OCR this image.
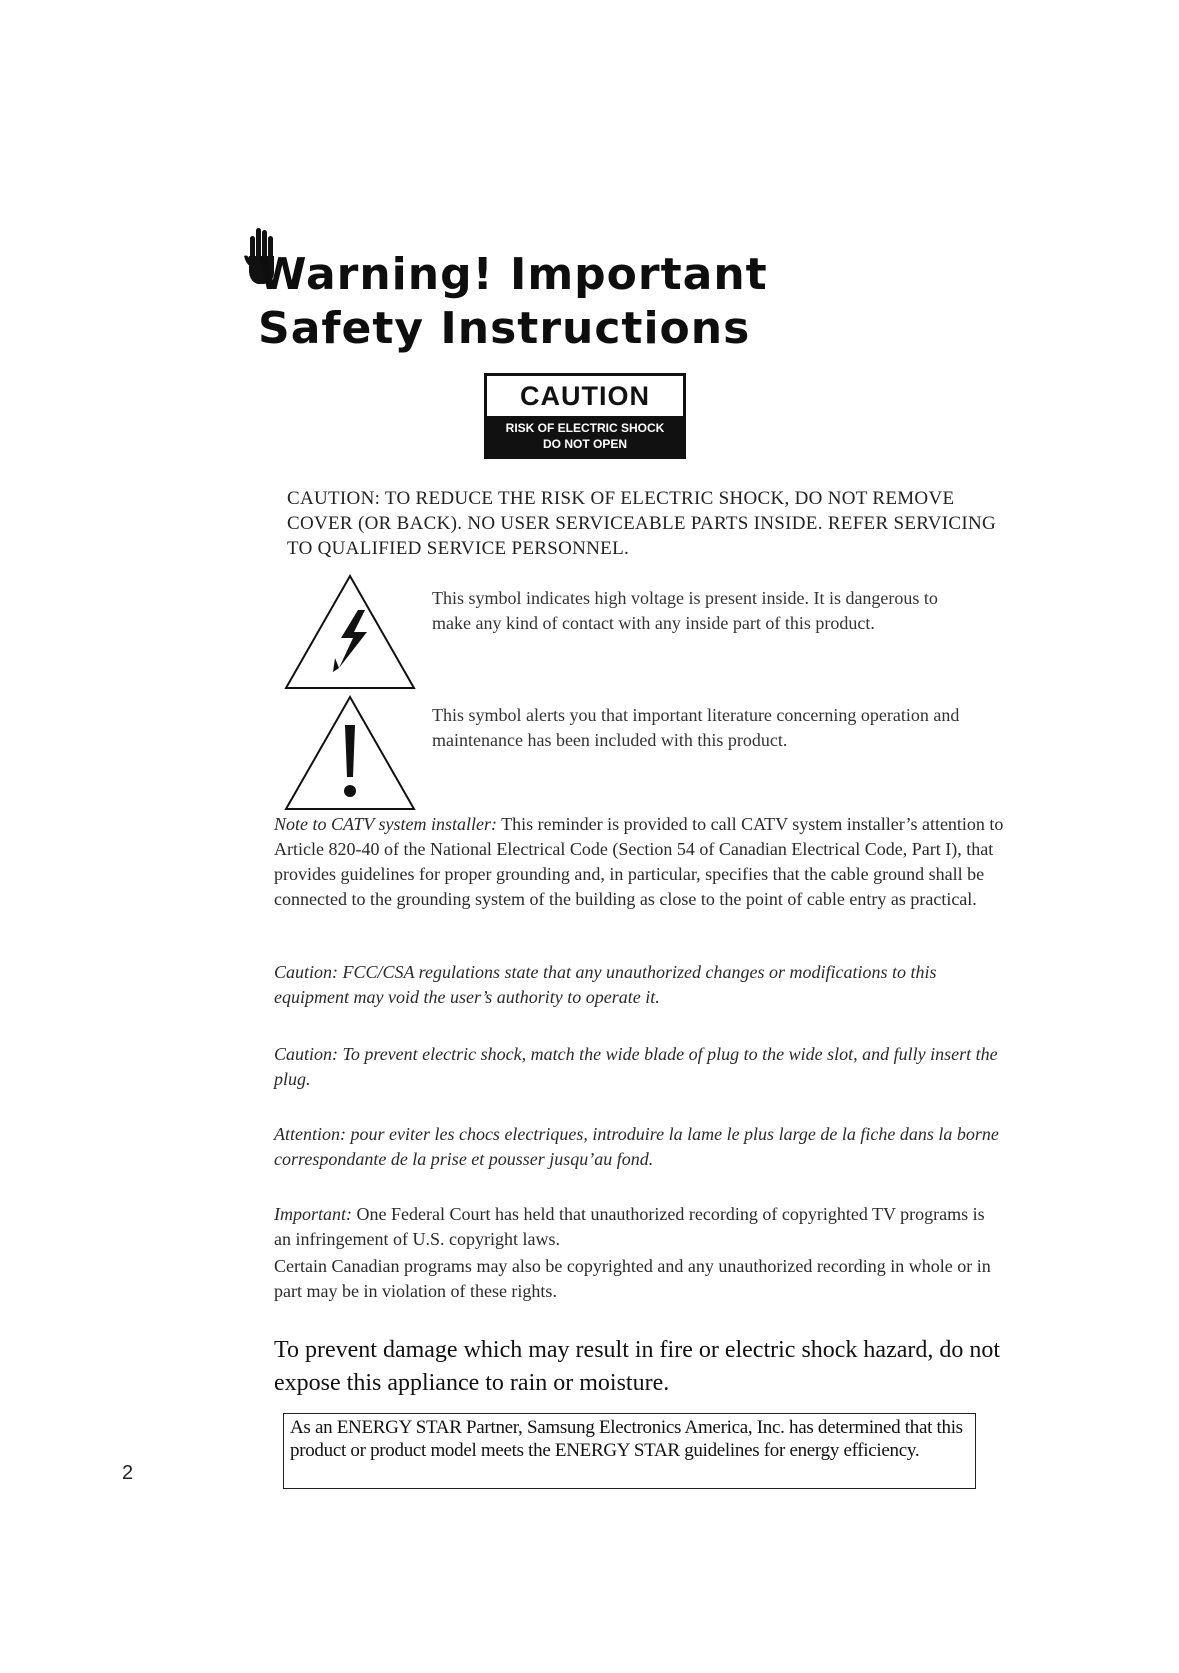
Warning! Important
Safety Instructions
CAUTION
RISK OF ELECTRIC SHOCK
DO NOT OPEN
CAUTION: TO REDUCE THE RISK OF ELECTRIC SHOCK, DO NOT REMOVE COVER (OR BACK). NO USER SERVICEABLE PARTS INSIDE. REFER SERVICING TO QUALIFIED SERVICE PERSONNEL.
This symbol indicates high voltage is present inside. It is dangerous to make any kind of contact with any inside part of this product.
This symbol alerts you that important literature concerning operation and maintenance has been included with this product.
Note to CATV system installer: This reminder is provided to call CATV system installer’s attention to Article 820-40 of the National Electrical Code (Section 54 of Canadian Electrical Code, Part I), that provides guidelines for proper grounding and, in particular, specifies that the cable ground shall be connected to the grounding system of the building as close to the point of cable entry as practical.
Caution: FCC/CSA regulations state that any unauthorized changes or modifications to this equipment may void the user’s authority to operate it.
Caution: To prevent electric shock, match the wide blade of plug to the wide slot, and fully insert the plug.
Attention: pour eviter les chocs electriques, introduire la lame le plus large de la fiche dans la borne correspondante de la prise et pousser jusqu’au fond.
Important: One Federal Court has held that unauthorized recording of copyrighted TV programs is an infringement of U.S. copyright laws.
Certain Canadian programs may also be copyrighted and any unauthorized recording in whole or in part may be in violation of these rights.
To prevent damage which may result in fire or electric shock hazard, do not expose this appliance to rain or moisture.
As an ENERGY STAR Partner, Samsung Electronics America, Inc. has determined that this product or product model meets the ENERGY STAR guidelines for energy efficiency.
2
